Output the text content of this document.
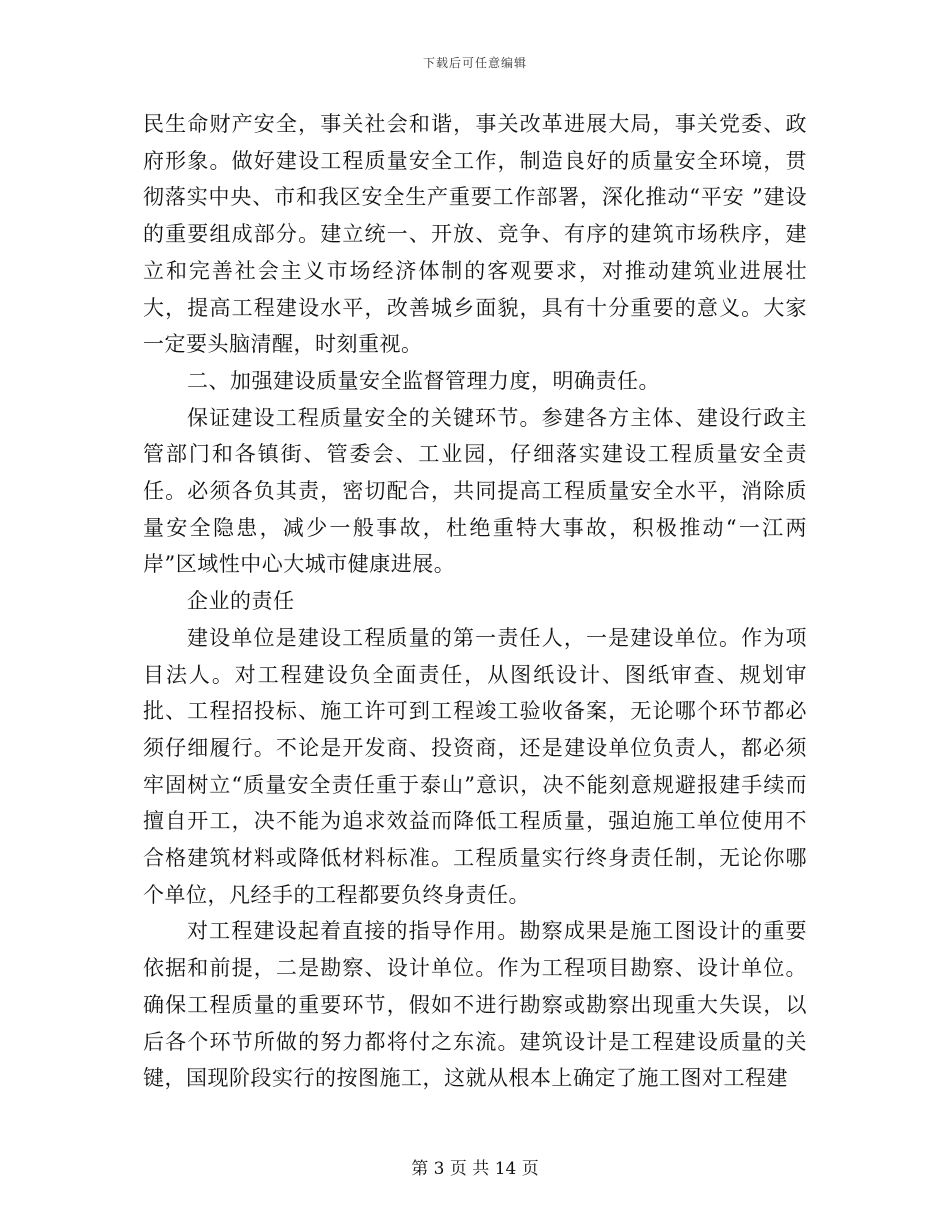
下载后可任意编辑

民生命财产安全，事关社会和谐，事关改革进展大局，事关党委、政府形象。做好建设工程质量安全工作，制造良好的质量安全环境，贯彻落实中央、市和我区安全生产重要工作部署，深化推动“平安 ”建设的重要组成部分。建立统一、开放、竞争、有序的建筑市场秩序，建立和完善社会主义市场经济体制的客观要求，对推动建筑业进展壮大，提高工程建设水平，改善城乡面貌，具有十分重要的意义。大家一定要头脑清醒，时刻重视。

二、加强建设质量安全监督管理力度，明确责任。

保证建设工程质量安全的关键环节。参建各方主体、建设行政主管部门和各镇街、管委会、工业园，仔细落实建设工程质量安全责任。必须各负其责，密切配合，共同提高工程质量安全水平，消除质量安全隐患，减少一般事故，杜绝重特大事故，积极推动“一江两岸”区域性中心大城市健康进展。

企业的责任

建设单位是建设工程质量的第一责任人，一是建设单位。作为项目法人。对工程建设负全面责任，从图纸设计、图纸审查、规划审批、工程招投标、施工许可到工程竣工验收备案，无论哪个环节都必须仔细履行。不论是开发商、投资商，还是建设单位负责人，都必须牢固树立“质量安全责任重于泰山”意识，决不能刻意规避报建手续而擅自开工，决不能为追求效益而降低工程质量，强迫施工单位使用不合格建筑材料或降低材料标准。工程质量实行终身责任制，无论你哪个单位，凡经手的工程都要负终身责任。

对工程建设起着直接的指导作用。勘察成果是施工图设计的重要依据和前提，二是勘察、设计单位。作为工程项目勘察、设计单位。确保工程质量的重要环节，假如不进行勘察或勘察出现重大失误，以后各个环节所做的努力都将付之东流。建筑设计是工程建设质量的关键，国现阶段实行的按图施工，这就从根本上确定了施工图对工程建

第 3 页 共 14 页
